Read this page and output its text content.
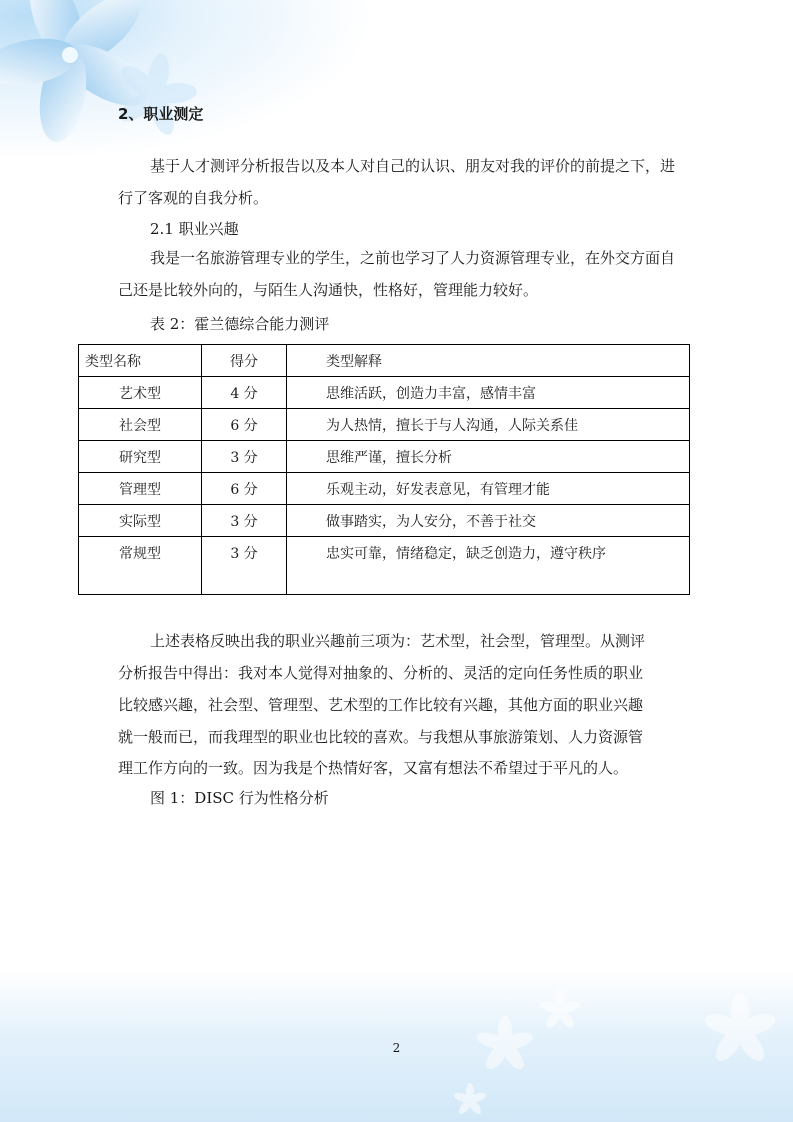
2、职业测定
基于人才测评分析报告以及本人对自己的认识、朋友对我的评价的前提之下，进行了客观的自我分析。
2.1 职业兴趣
我是一名旅游管理专业的学生，之前也学习了人力资源管理专业，在外交方面自己还是比较外向的，与陌生人沟通快，性格好，管理能力较好。
表 2：霍兰德综合能力测评
类型名称	得分	类型解释
艺术型	4 分	思维活跃，创造力丰富，感情丰富
社会型	6 分	为人热情，擅长于与人沟通，人际关系佳
研究型	3 分	思维严谨，擅长分析
管理型	6 分	乐观主动，好发表意见，有管理才能
实际型	3 分	做事踏实，为人安分，不善于社交
常规型	3 分	忠实可靠，情绪稳定，缺乏创造力，遵守秩序
上述表格反映出我的职业兴趣前三项为：艺术型，社会型，管理型。从测评
分析报告中得出：我对本人觉得对抽象的、分析的、灵活的定向任务性质的职业
比较感兴趣，社会型、管理型、艺术型的工作比较有兴趣，其他方面的职业兴趣
就一般而已，而我理型的职业也比较的喜欢。与我想从事旅游策划、人力资源管
理工作方向的一致。因为我是个热情好客，又富有想法不希望过于平凡的人。
图 1：DISC 行为性格分析
2
